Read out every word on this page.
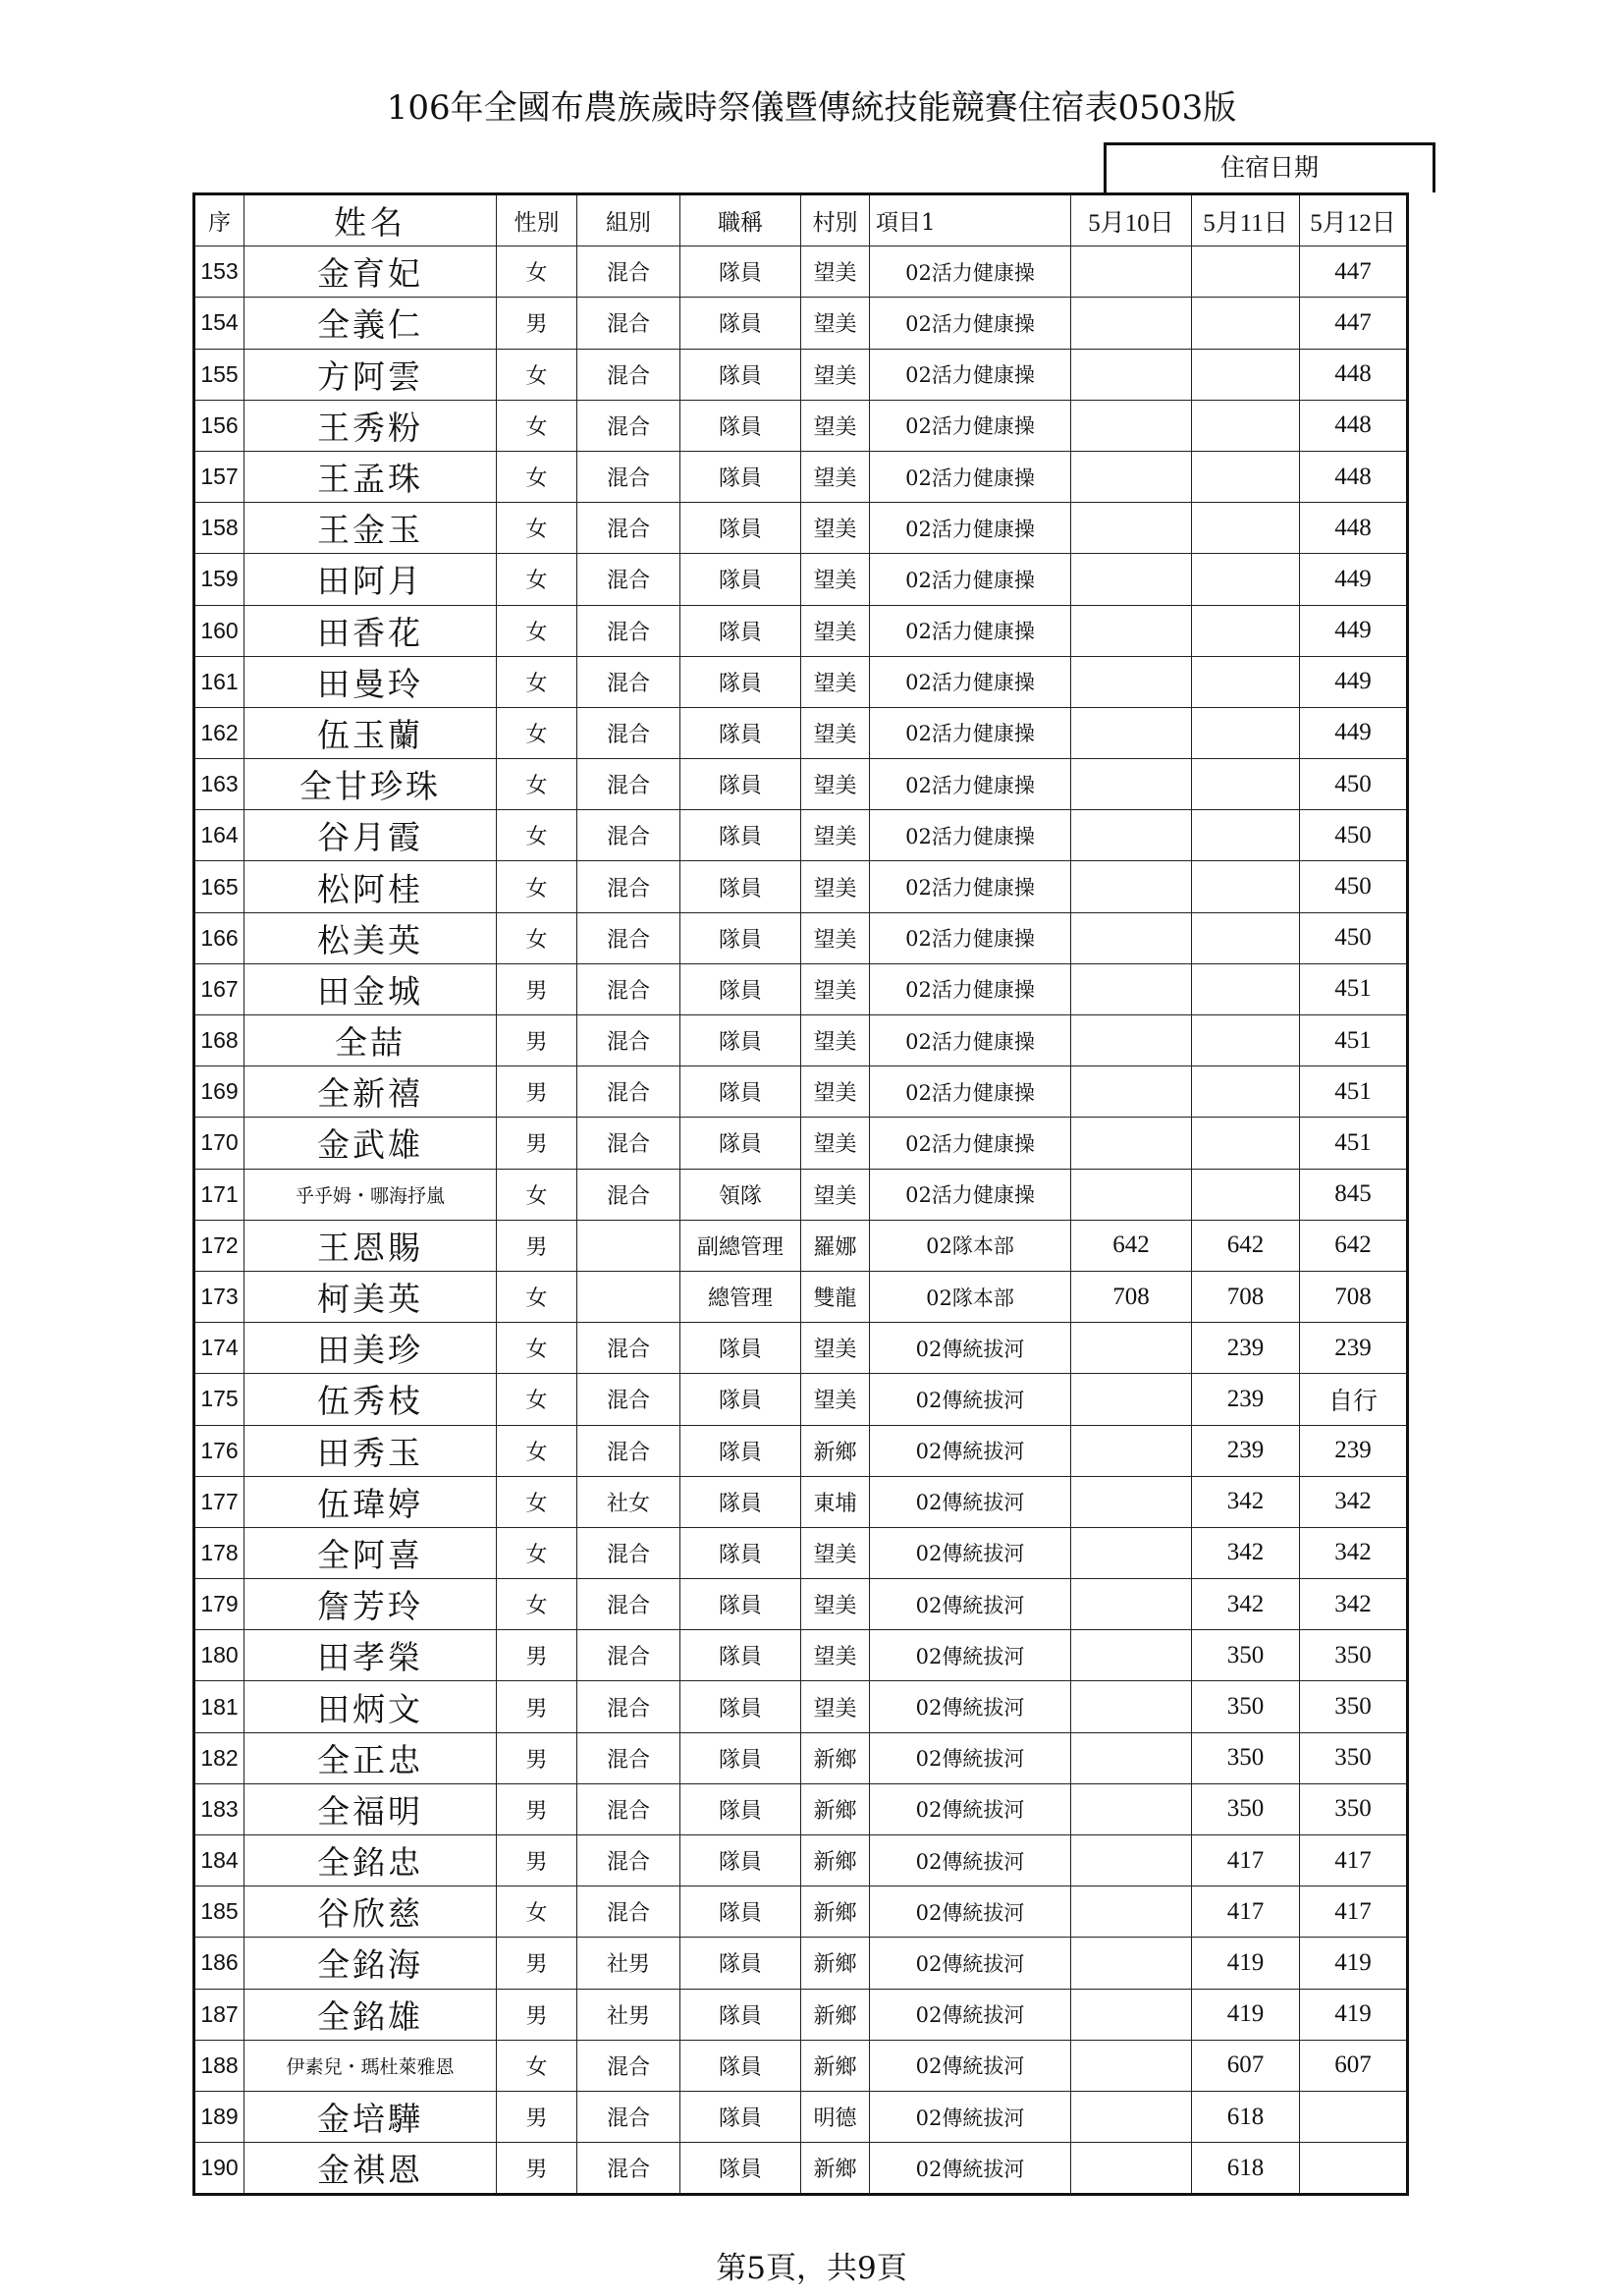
106年全國布農族歲時祭儀暨傳統技能競賽住宿表0503版
住宿日期
序	姓名	性別	組別	職稱	村別	項目1	5月10日	5月11日	5月12日
153	金育妃	女	混合	隊員	望美	02活力健康操			447
154	全義仁	男	混合	隊員	望美	02活力健康操			447
155	方阿雲	女	混合	隊員	望美	02活力健康操			448
156	王秀粉	女	混合	隊員	望美	02活力健康操			448
157	王孟珠	女	混合	隊員	望美	02活力健康操			448
158	王金玉	女	混合	隊員	望美	02活力健康操			448
159	田阿月	女	混合	隊員	望美	02活力健康操			449
160	田香花	女	混合	隊員	望美	02活力健康操			449
161	田曼玲	女	混合	隊員	望美	02活力健康操			449
162	伍玉蘭	女	混合	隊員	望美	02活力健康操			449
163	全甘珍珠	女	混合	隊員	望美	02活力健康操			450
164	谷月霞	女	混合	隊員	望美	02活力健康操			450
165	松阿桂	女	混合	隊員	望美	02活力健康操			450
166	松美英	女	混合	隊員	望美	02活力健康操			450
167	田金城	男	混合	隊員	望美	02活力健康操			451
168	全喆	男	混合	隊員	望美	02活力健康操			451
169	全新禧	男	混合	隊員	望美	02活力健康操			451
170	金武雄	男	混合	隊員	望美	02活力健康操			451
171	乎乎姆・哪海抒嵐	女	混合	領隊	望美	02活力健康操			845
172	王恩賜	男		副總管理	羅娜	02隊本部	642	642	642
173	柯美英	女		總管理	雙龍	02隊本部	708	708	708
174	田美珍	女	混合	隊員	望美	02傳統拔河		239	239
175	伍秀枝	女	混合	隊員	望美	02傳統拔河		239	自行
176	田秀玉	女	混合	隊員	新鄉	02傳統拔河		239	239
177	伍瑋婷	女	社女	隊員	東埔	02傳統拔河		342	342
178	全阿喜	女	混合	隊員	望美	02傳統拔河		342	342
179	詹芳玲	女	混合	隊員	望美	02傳統拔河		342	342
180	田孝榮	男	混合	隊員	望美	02傳統拔河		350	350
181	田炳文	男	混合	隊員	望美	02傳統拔河		350	350
182	全正忠	男	混合	隊員	新鄉	02傳統拔河		350	350
183	全福明	男	混合	隊員	新鄉	02傳統拔河		350	350
184	全銘忠	男	混合	隊員	新鄉	02傳統拔河		417	417
185	谷欣慈	女	混合	隊員	新鄉	02傳統拔河		417	417
186	全銘海	男	社男	隊員	新鄉	02傳統拔河		419	419
187	全銘雄	男	社男	隊員	新鄉	02傳統拔河		419	419
188	伊素兒・瑪杜萊雅恩	女	混合	隊員	新鄉	02傳統拔河		607	607
189	金培驊	男	混合	隊員	明德	02傳統拔河		618	
190	金祺恩	男	混合	隊員	新鄉	02傳統拔河		618	
第5頁，共9頁
